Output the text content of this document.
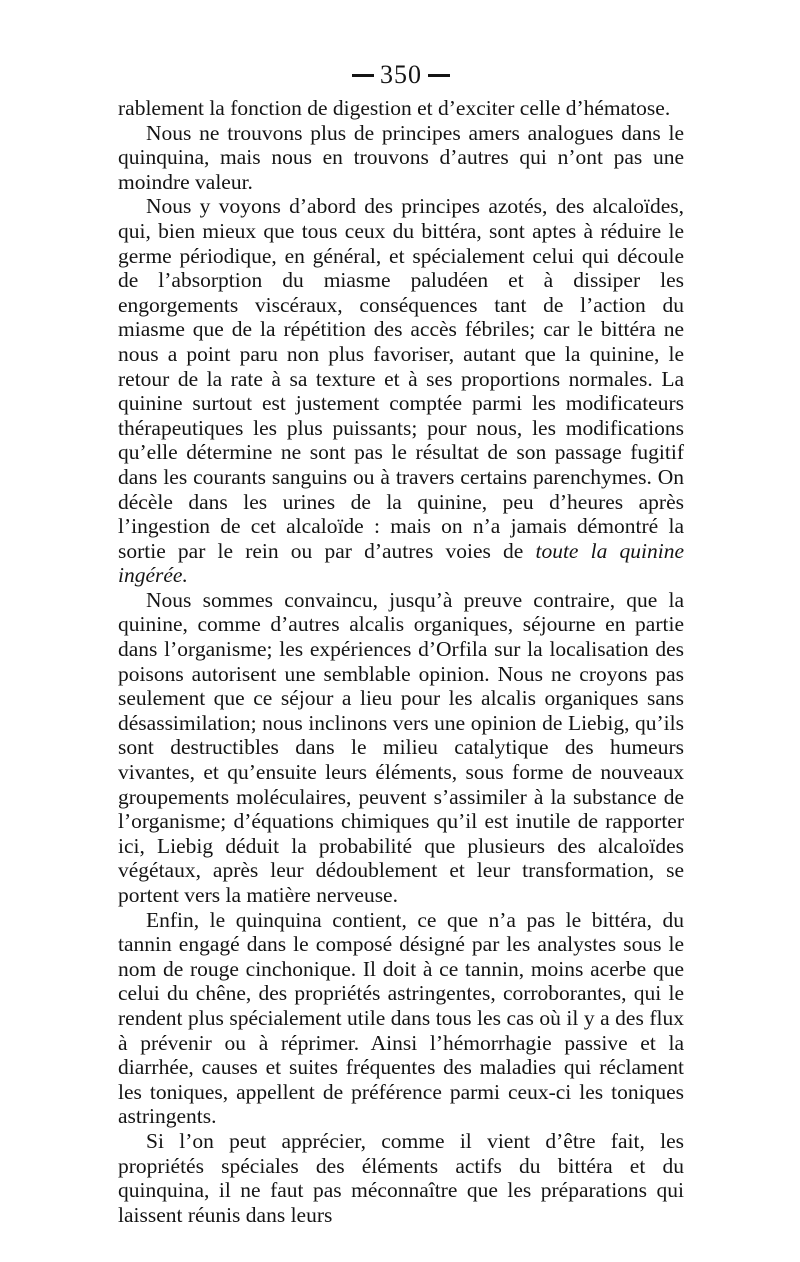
350

rablement la fonction de digestion et d’exciter celle d’hématose.

Nous ne trouvons plus de principes amers analogues dans le quinquina, mais nous en trouvons d’autres qui n’ont pas une moindre valeur.

Nous y voyons d’abord des principes azotés, des alcaloïdes, qui, bien mieux que tous ceux du bittéra, sont aptes à réduire le germe périodique, en général, et spécialement celui qui découle de l’absorption du miasme paludéen et à dissiper les engorgements viscéraux, conséquences tant de l’action du miasme que de la répétition des accès fébriles; car le bittéra ne nous a point paru non plus favoriser, autant que la quinine, le retour de la rate à sa texture et à ses proportions normales. La quinine surtout est justement comptée parmi les modificateurs thérapeutiques les plus puissants; pour nous, les modifications qu’elle détermine ne sont pas le résultat de son passage fugitif dans les courants sanguins ou à travers certains parenchymes. On décèle dans les urines de la quinine, peu d’heures après l’ingestion de cet alcaloïde : mais on n’a jamais démontré la sortie par le rein ou par d’autres voies de toute la quinine ingérée.

Nous sommes convaincu, jusqu’à preuve contraire, que la quinine, comme d’autres alcalis organiques, séjourne en partie dans l’organisme; les expériences d’Orfila sur la localisation des poisons autorisent une semblable opinion. Nous ne croyons pas seulement que ce séjour a lieu pour les alcalis organiques sans désassimilation; nous inclinons vers une opinion de Liebig, qu’ils sont destructibles dans le milieu catalytique des humeurs vivantes, et qu’ensuite leurs éléments, sous forme de nouveaux groupements moléculaires, peuvent s’assimiler à la substance de l’organisme; d’équations chimiques qu’il est inutile de rapporter ici, Liebig déduit la probabilité que plusieurs des alcaloïdes végétaux, après leur dédoublement et leur transformation, se portent vers la matière nerveuse.

Enfin, le quinquina contient, ce que n’a pas le bittéra, du tannin engagé dans le composé désigné par les analystes sous le nom de rouge cinchonique. Il doit à ce tannin, moins acerbe que celui du chêne, des propriétés astringentes, corroborantes, qui le rendent plus spécialement utile dans tous les cas où il y a des flux à prévenir ou à réprimer. Ainsi l’hémorrhagie passive et la diarrhée, causes et suites fréquentes des maladies qui réclament les toniques, appellent de préférence parmi ceux-ci les toniques astringents.

Si l’on peut apprécier, comme il vient d’être fait, les propriétés spéciales des éléments actifs du bittéra et du quinquina, il ne faut pas méconnaître que les préparations qui laissent réunis dans leurs
